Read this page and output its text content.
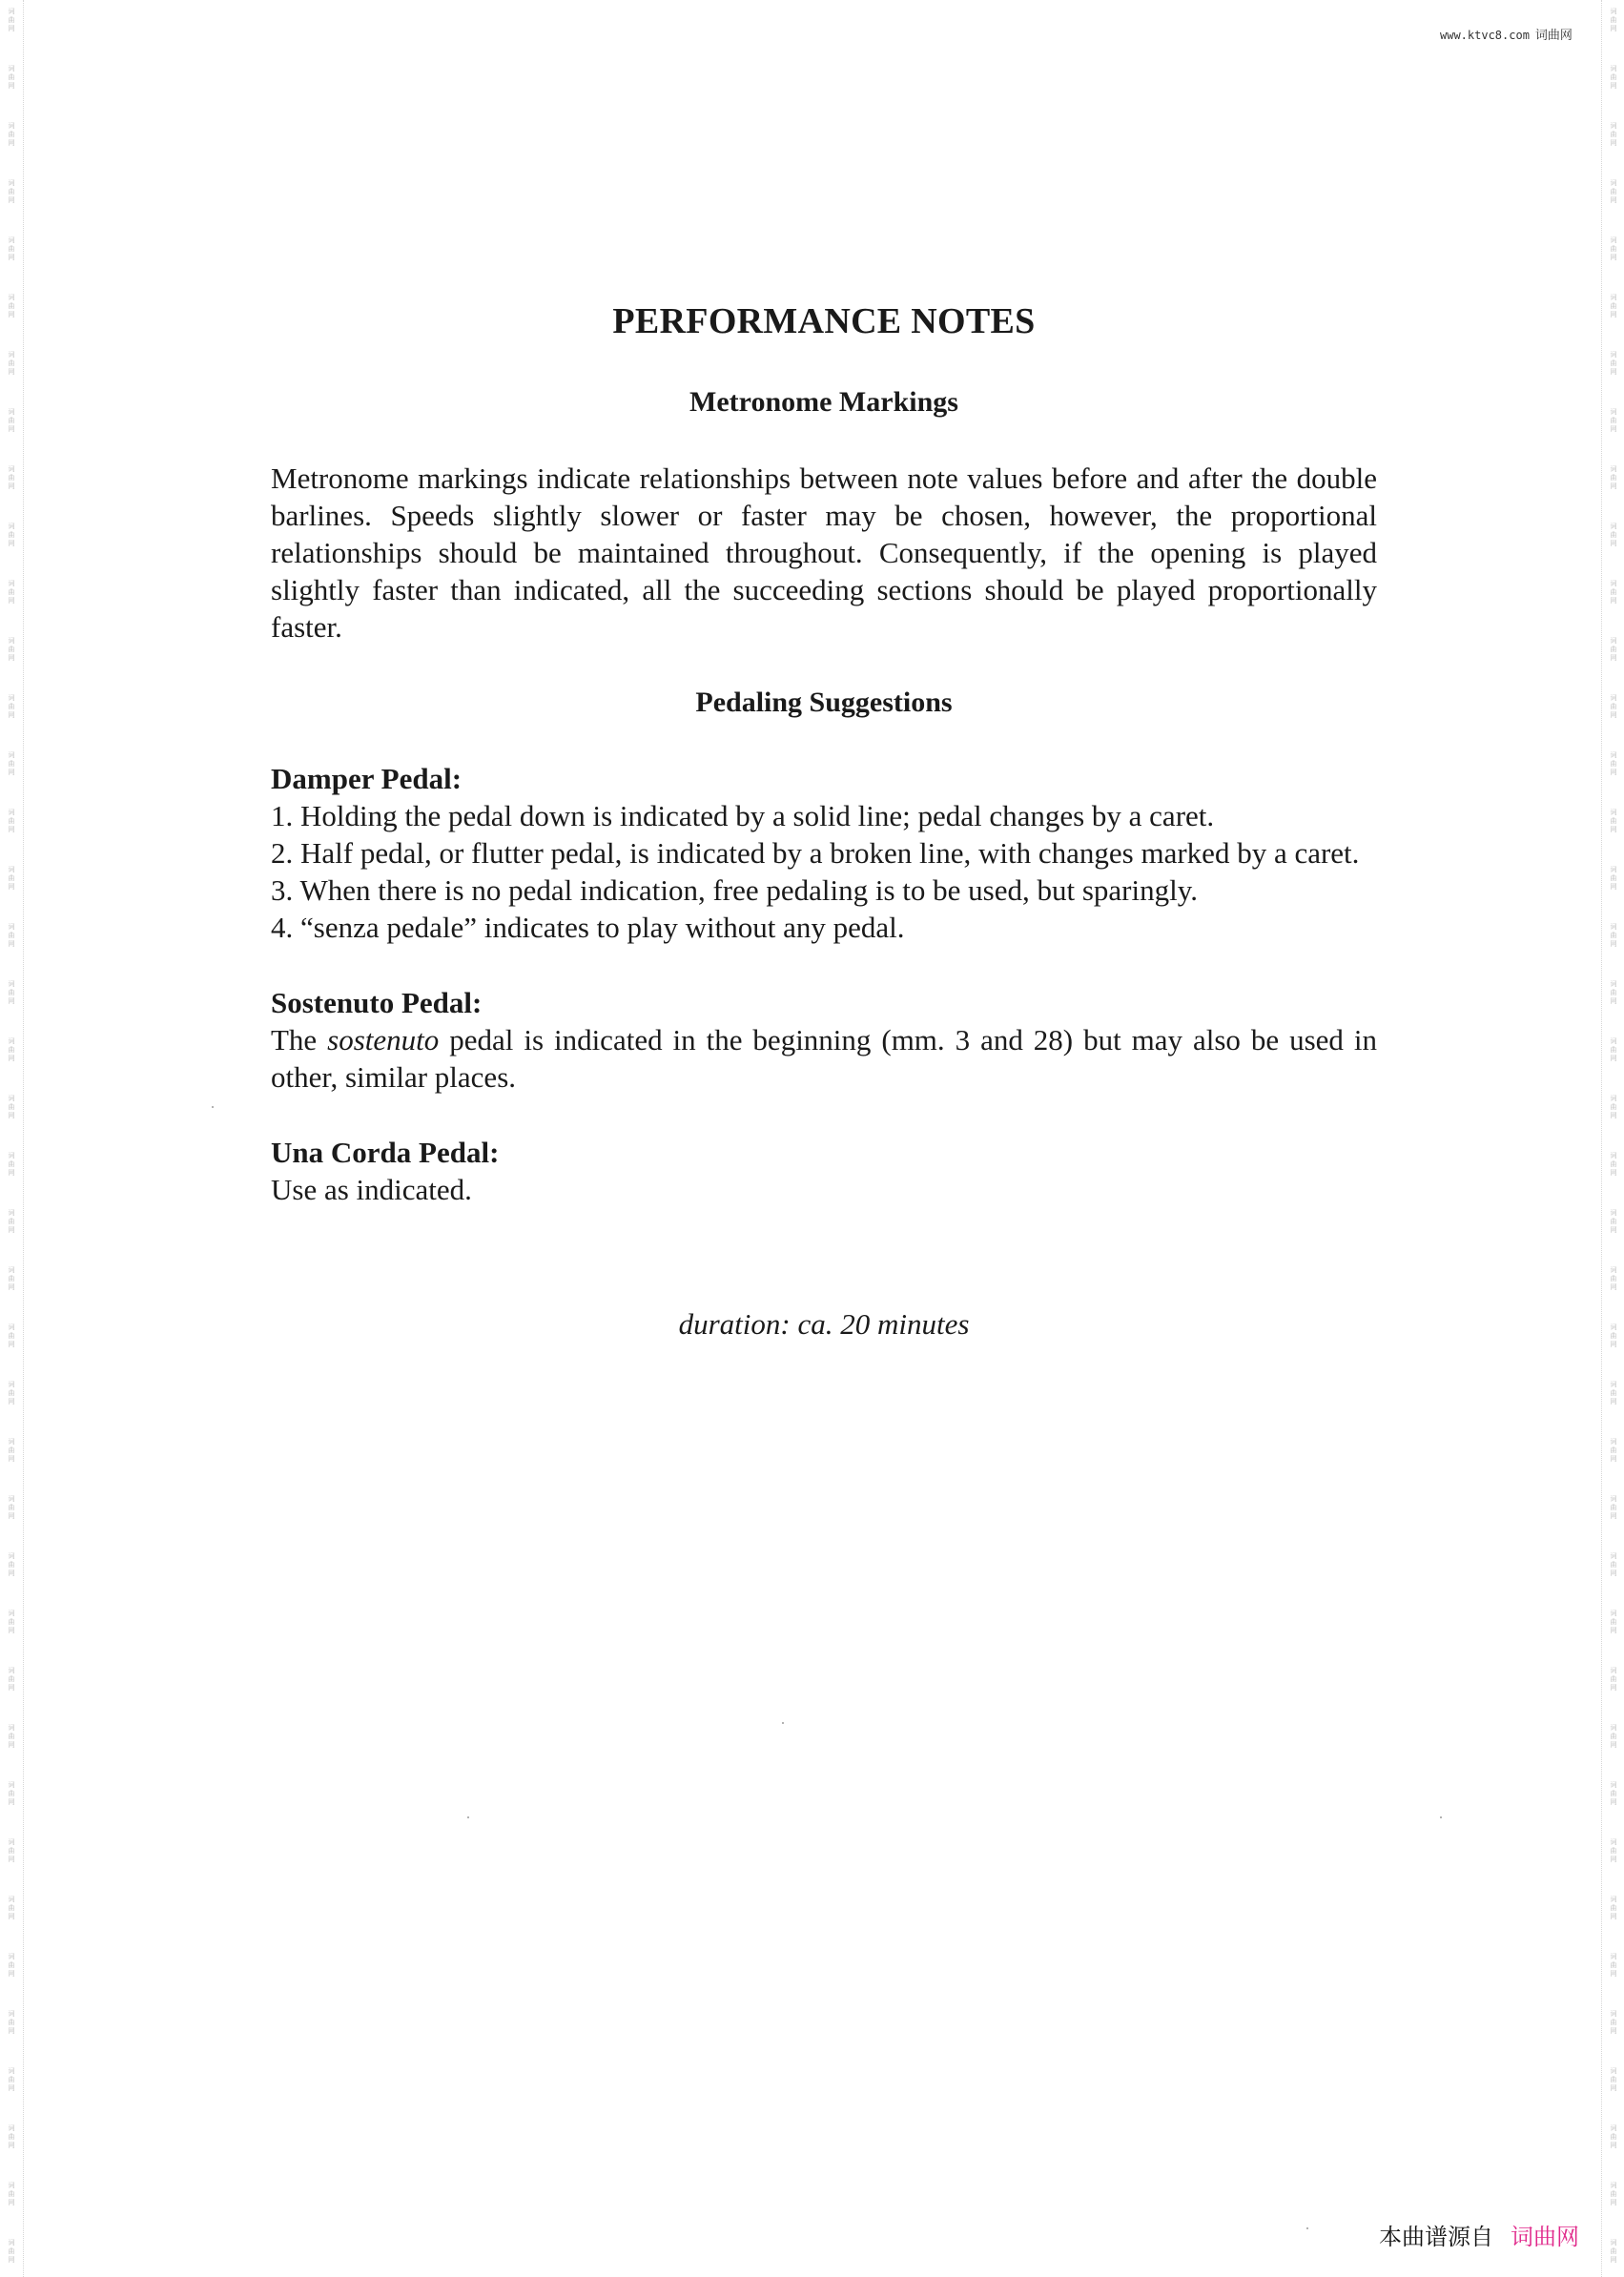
词
曲
网
词
曲
网
词
曲
网
词
曲
网
词
曲
网
词
曲
网
词
曲
网
词
曲
网
词
曲
网
词
曲
网
词
曲
网
词
曲
网
词
曲
网
词
曲
网
词
曲
网
词
曲
网
词
曲
网
词
曲
网
词
曲
网
词
曲
网
词
曲
网
词
曲
网
词
曲
网
词
曲
网
词
曲
网
词
曲
网
词
曲
网
词
曲
网
词
曲
网
词
曲
网
词
曲
网
词
曲
网
词
曲
网
词
曲
网
词
曲
网
词
曲
网
词
曲
网
词
曲
网
词
曲
网
词
曲
网
词
曲
网
词
曲
网
词
曲
网
词
曲
网
词
曲
网
词
曲
网
词
曲
网
词
曲
网
词
曲
网
词
曲
网
词
曲
网
词
曲
网
词
曲
网
词
曲
网
词
曲
网
词
曲
网
词
曲
网
词
曲
网
词
曲
网
词
曲
网
词
曲
网
词
曲
网
词
曲
网
词
曲
网
词
曲
网
词
曲
网
词
曲
网
词
曲
网
词
曲
网
词
曲
网
词
曲
网
词
曲
网
词
曲
网
词
曲
网
词
曲
网
词
曲
网
词
曲
网
词
曲
网
词
曲
网
词
曲
网
www.ktvc8.com 词曲网
PERFORMANCE NOTES
Metronome Markings

Metronome markings indicate relationships between note values before and after the double barlines. Speeds slightly slower or faster may be chosen, however, the proportional relationships should be maintained throughout. Consequently, if the opening is played slightly faster than indicated, all the succeeding sections should be played proportionally faster.

Pedaling Suggestions

Damper Pedal:

1. Holding the pedal down is indicated by a solid line; pedal changes by a caret.

2. Half pedal, or flutter pedal, is indicated by a broken line, with changes marked by a caret.

3. When there is no pedal indication, free pedaling is to be used, but sparingly.

4. “senza pedale” indicates to play without any pedal.

Sostenuto Pedal:

The sostenuto pedal is indicated in the beginning (mm. 3 and 28) but may also be used in other, similar places.

Una Corda Pedal:

Use as indicated.

duration: ca. 20 minutes

本曲谱源自 词曲网
